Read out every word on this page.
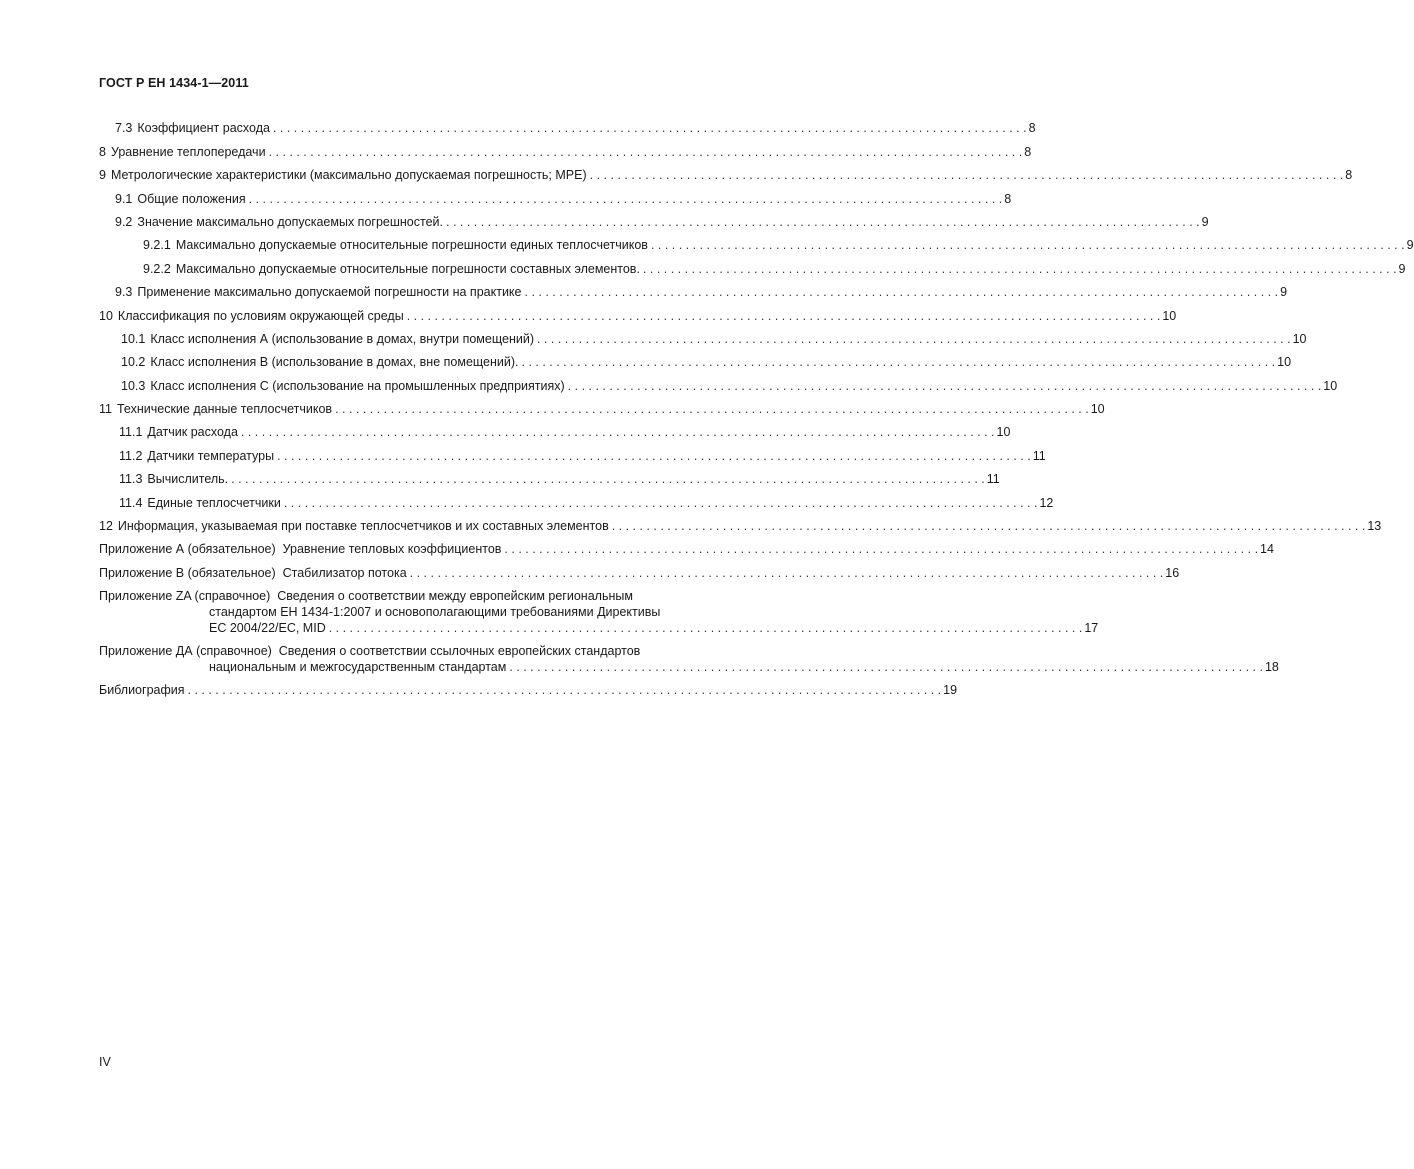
ГОСТ Р ЕН 1434-1—2011
7.3 Коэффициент расхода . . .	8
8 Уравнение теплопередачи . . .	8
9 Метрологические характеристики (максимально допускаемая погрешность; МРЕ) . . .	8
9.1 Общие положения . . .	8
9.2 Значение максимально допускаемых погрешностей. . . .	9
9.2.1 Максимально допускаемые относительные погрешности единых теплосчетчиков . . .	9
9.2.2 Максимально допускаемые относительные погрешности составных элементов. . . .	9
9.3 Применение максимально допускаемой погрешности на практике . . .	9
10 Классификация по условиям окружающей среды . . .	10
10.1 Класс исполнения А (использование в домах, внутри помещений) . . .	10
10.2 Класс исполнения В (использование в домах, вне помещений). . . .	10
10.3 Класс исполнения С (использование на промышленных предприятиях) . . .	10
11 Технические данные теплосчетчиков . . .	10
11.1 Датчик расхода . . .	10
11.2 Датчики температуры . . .	11
11.3 Вычислитель. . . .	11
11.4 Единые теплосчетчики . . .	12
12 Информация, указываемая при поставке теплосчетчиков и их составных элементов . . .	13
Приложение А (обязательное)  Уравнение тепловых коэффициентов . . .	14
Приложение В (обязательное)  Стабилизатор потока . . .	16
Приложение ZA (справочное)  Сведения о соответствии между европейским региональным
стандартом ЕН 1434-1:2007 и основополагающими требованиями Директивы
ЕС 2004/22/ЕС, MID . . .	17
Приложение ДА (справочное)  Сведения о соответствии ссылочных европейских стандартов
национальным и межгосударственным стандартам . . .	18
Библиография . . .	19
IV
